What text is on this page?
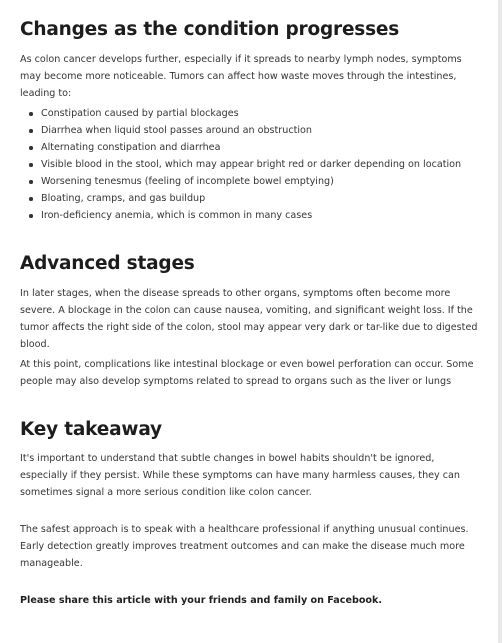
Changes as the condition progresses

As colon cancer develops further, especially if it spreads to nearby lymph nodes, symptoms may become more noticeable. Tumors can affect how waste moves through the intestines, leading to:

Constipation caused by partial blockages
Diarrhea when liquid stool passes around an obstruction
Alternating constipation and diarrhea
Visible blood in the stool, which may appear bright red or darker depending on location
Worsening tenesmus (feeling of incomplete bowel emptying)
Bloating, cramps, and gas buildup
Iron-deficiency anemia, which is common in many cases
Advanced stages

In later stages, when the disease spreads to other organs, symptoms often become more severe. A blockage in the colon can cause nausea, vomiting, and significant weight loss. If the tumor affects the right side of the colon, stool may appear very dark or tar-like due to digested blood.

At this point, complications like intestinal blockage or even bowel perforation can occur. Some people may also develop symptoms related to spread to organs such as the liver or lungs

Key takeaway

It's important to understand that subtle changes in bowel habits shouldn't be ignored, especially if they persist. While these symptoms can have many harmless causes, they can sometimes signal a more serious condition like colon cancer.

The safest approach is to speak with a healthcare professional if anything unusual continues. Early detection greatly improves treatment outcomes and can make the disease much more manageable.

Please share this article with your friends and family on Facebook.
